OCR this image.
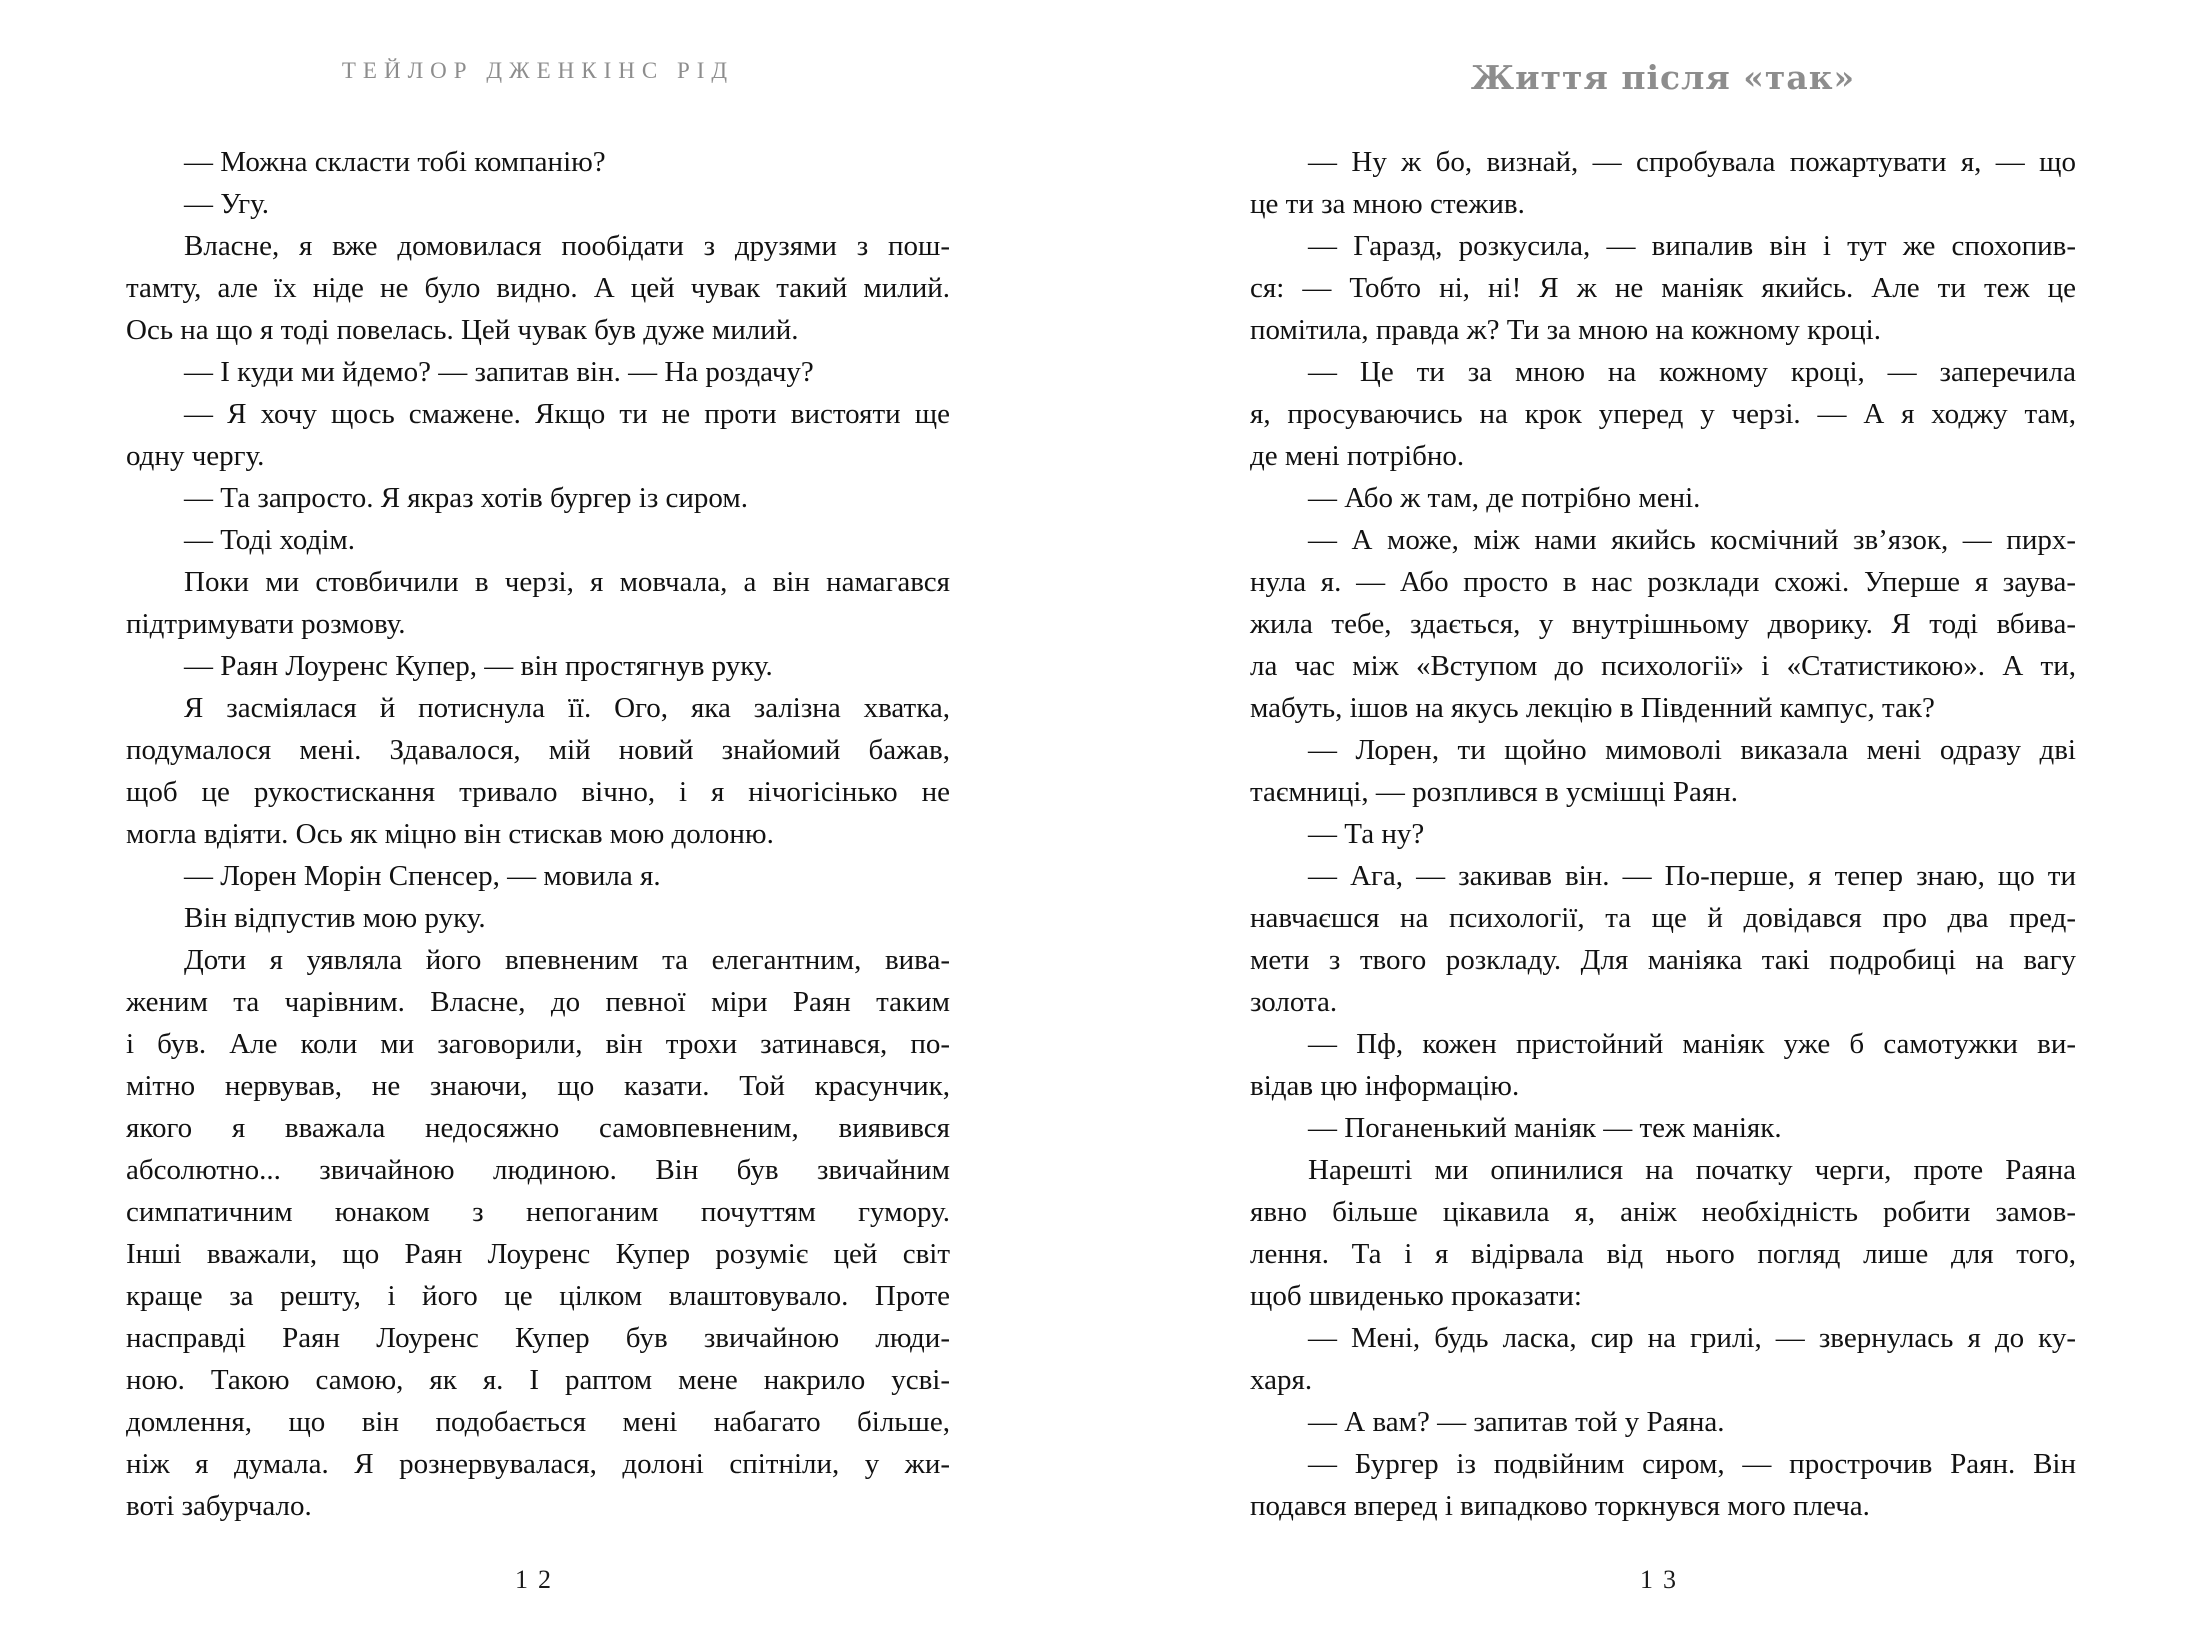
ТЕЙЛОР ДЖЕНКІНС РІД

— Можна скласти тобі компанію?

— Угу.

Власне, я вже домовилася пообідати з друзями з пош-
тамту, але їх ніде не було видно. А цей чувак такий милий.
Ось на що я тоді повелась. Цей чувак був дуже милий.

— І куди ми йдемо? — запитав він. — На роздачу?

— Я хочу щось смажене. Якщо ти не проти вистояти ще
одну чергу.

— Та запросто. Я якраз хотів бургер із сиром.

— Тоді ходім.

Поки ми стовбичили в черзі, я мовчала, а він намагався
підтримувати розмову.

— Раян Лоуренс Купер, — він простягнув руку.

Я засміялася й потиснула її. Ого, яка залізна хватка,
подумалося мені. Здавалося, мій новий знайомий бажав,
щоб це рукостискання тривало вічно, і я нічогісінько не
могла вдіяти. Ось як міцно він стискав мою долоню.

— Лорен Морін Спенсер, — мовила я.

Він відпустив мою руку.

Доти я уявляла його впевненим та елегантним, вива-
женим та чарівним. Власне, до певної міри Раян таким
і був. Але коли ми заговорили, він трохи затинався, по-
мітно нервував, не знаючи, що казати. Той красунчик,
якого я вважала недосяжно самовпевненим, виявився
абсолютно... звичайною людиною. Він був звичайним
симпатичним юнаком з непоганим почуттям гумору.
Інші вважали, що Раян Лоуренс Купер розуміє цей світ
краще за решту, і його це цілком влаштовувало. Проте
насправді Раян Лоуренс Купер був звичайною люди-
ною. Такою самою, як я. І раптом мене накрило усві-
домлення, що він подобається мені набагато більше,
ніж я думала. Я рознервувалася, долоні спітніли, у жи-
воті забурчало.

12
Життя після «так»

— Ну ж бо, визнай, — спробувала пожартувати я, — що
це ти за мною стежив.

— Гаразд, розкусила, — випалив він і тут же спохопив-
ся: — Тобто ні, ні! Я ж не маніяк якийсь. Але ти теж це
помітила, правда ж? Ти за мною на кожному кроці.

— Це ти за мною на кожному кроці, — заперечила
я, просуваючись на крок уперед у черзі. — А я ходжу там,
де мені потрібно.

— Або ж там, де потрібно мені.

— А може, між нами якийсь космічний зв’язок, — пирх-
нула я. — Або просто в нас розклади схожі. Уперше я заува-
жила тебе, здається, у внутрішньому дворику. Я тоді вбива-
ла час між «Вступом до психології» і «Статистикою». А ти,
мабуть, ішов на якусь лекцію в Південний кампус, так?

— Лорен, ти щойно мимоволі виказала мені одразу дві
таємниці, — розплився в усмішці Раян.

— Та ну?

— Ага, — закивав він. — По-перше, я тепер знаю, що ти
навчаєшся на психології, та ще й довідався про два пред-
мети з твого розкладу. Для маніяка такі подробиці на вагу
золота.

— Пф, кожен пристойний маніяк уже б самотужки ви-
відав цю інформацію.

— Поганенький маніяк — теж маніяк.

Нарешті ми опинилися на початку черги, проте Раяна
явно більше цікавила я, аніж необхідність робити замов-
лення. Та і я відірвала від нього погляд лише для того,
щоб швиденько проказати:

— Мені, будь ласка, сир на грилі, — звернулась я до ку-
харя.

— А вам? — запитав той у Раяна.

— Бургер із подвійним сиром, — прострочив Раян. Він
подався вперед і випадково торкнувся мого плеча.

13
